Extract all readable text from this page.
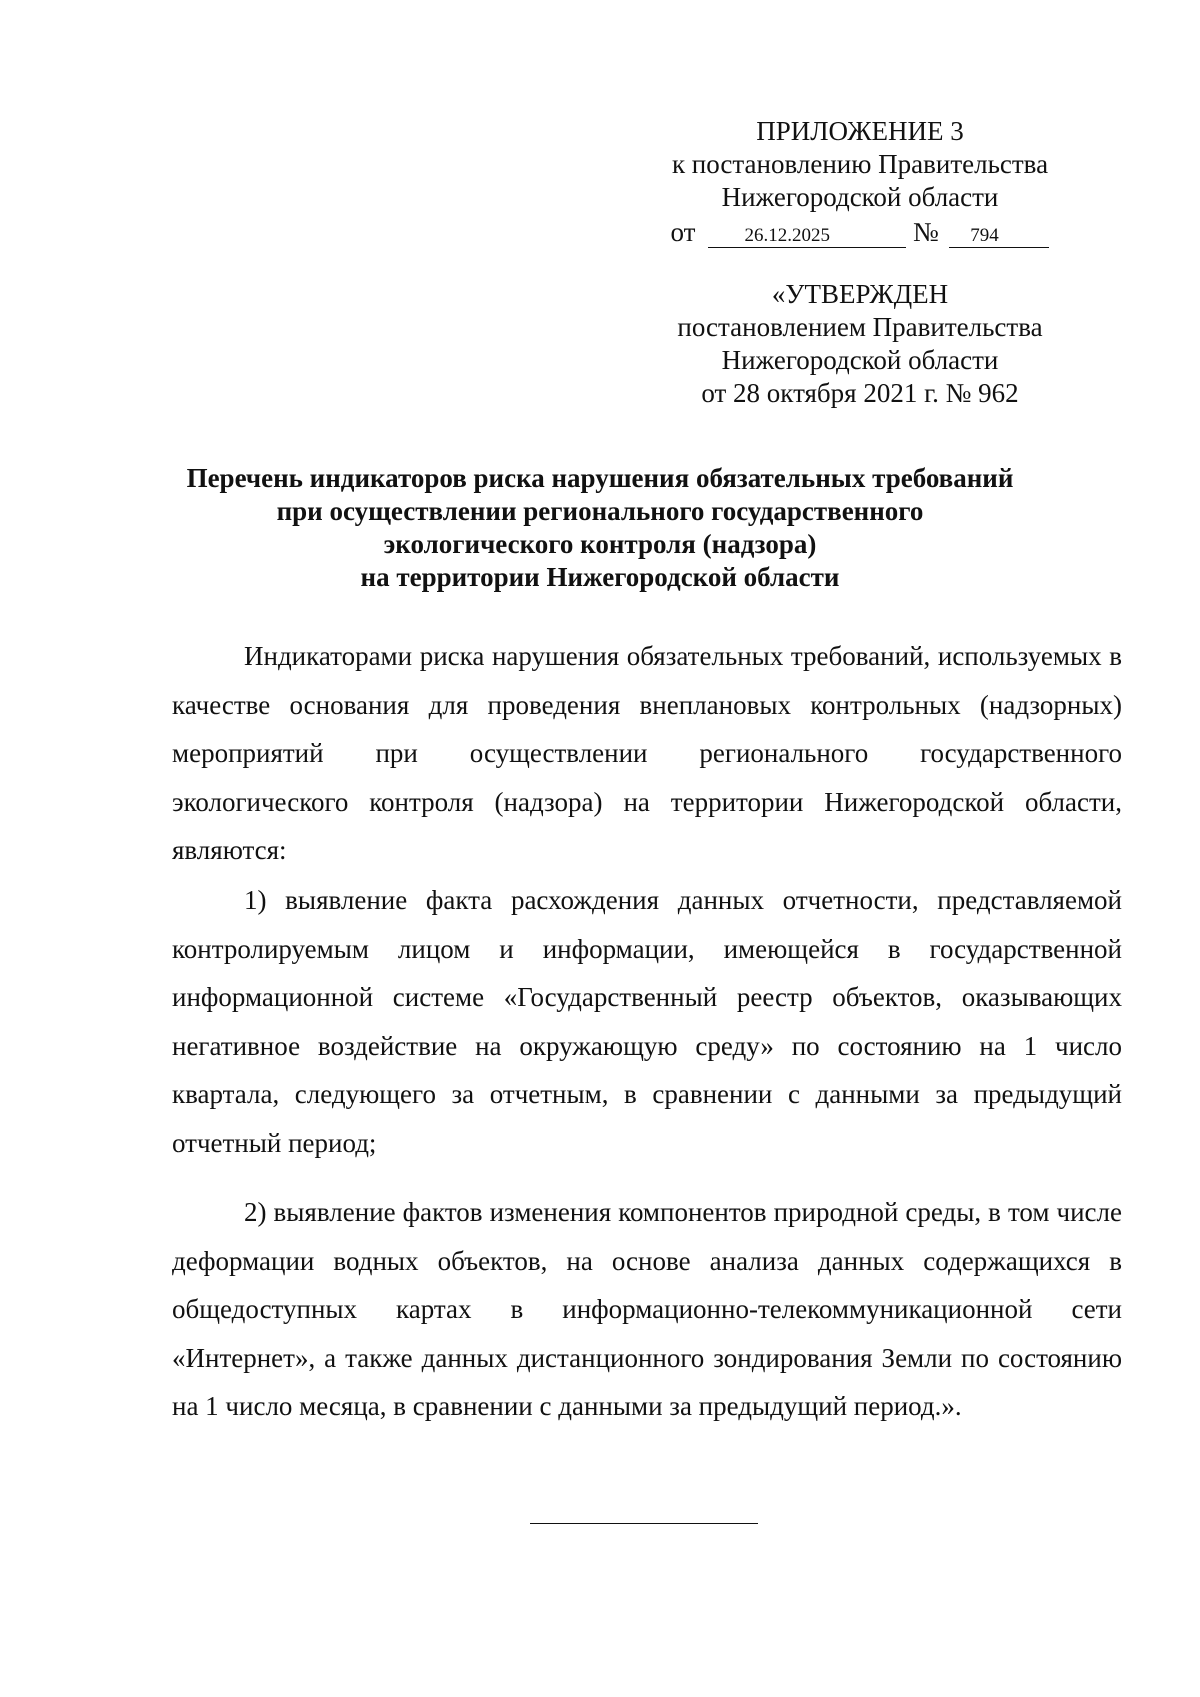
ПРИЛОЖЕНИЕ 3
к постановлению Правительства
Нижегородской области
от	26.12.2025	№ 794
«УТВЕРЖДЕН
постановлением Правительства
Нижегородской области
от 28 октября 2021 г. № 962
Перечень индикаторов риска нарушения обязательных требований
при осуществлении регионального государственного
экологического контроля (надзора)
на территории Нижегородской области

Индикаторами риска нарушения обязательных требований, используемых в качестве основания для проведения внеплановых контрольных (надзорных) мероприятий при осуществлении регионального государственного экологического контроля (надзора) на территории Нижегородской области, являются:

1) выявление факта расхождения данных отчетности, представляемой контролируемым лицом и информации, имеющейся в государственной информационной системе «Государственный реестр объектов, оказывающих негативное воздействие на окружающую среду» по состоянию на 1 число квартала, следующего за отчетным, в сравнении с данными за предыдущий отчетный период;

2) выявление фактов изменения компонентов природной среды, в том числе деформации водных объектов, на основе анализа данных содержащихся в общедоступных картах в информационно-телекоммуникационной сети «Интернет», а также данных дистанционного зондирования Земли по состоянию на 1 число месяца, в сравнении с данными за предыдущий период.».
